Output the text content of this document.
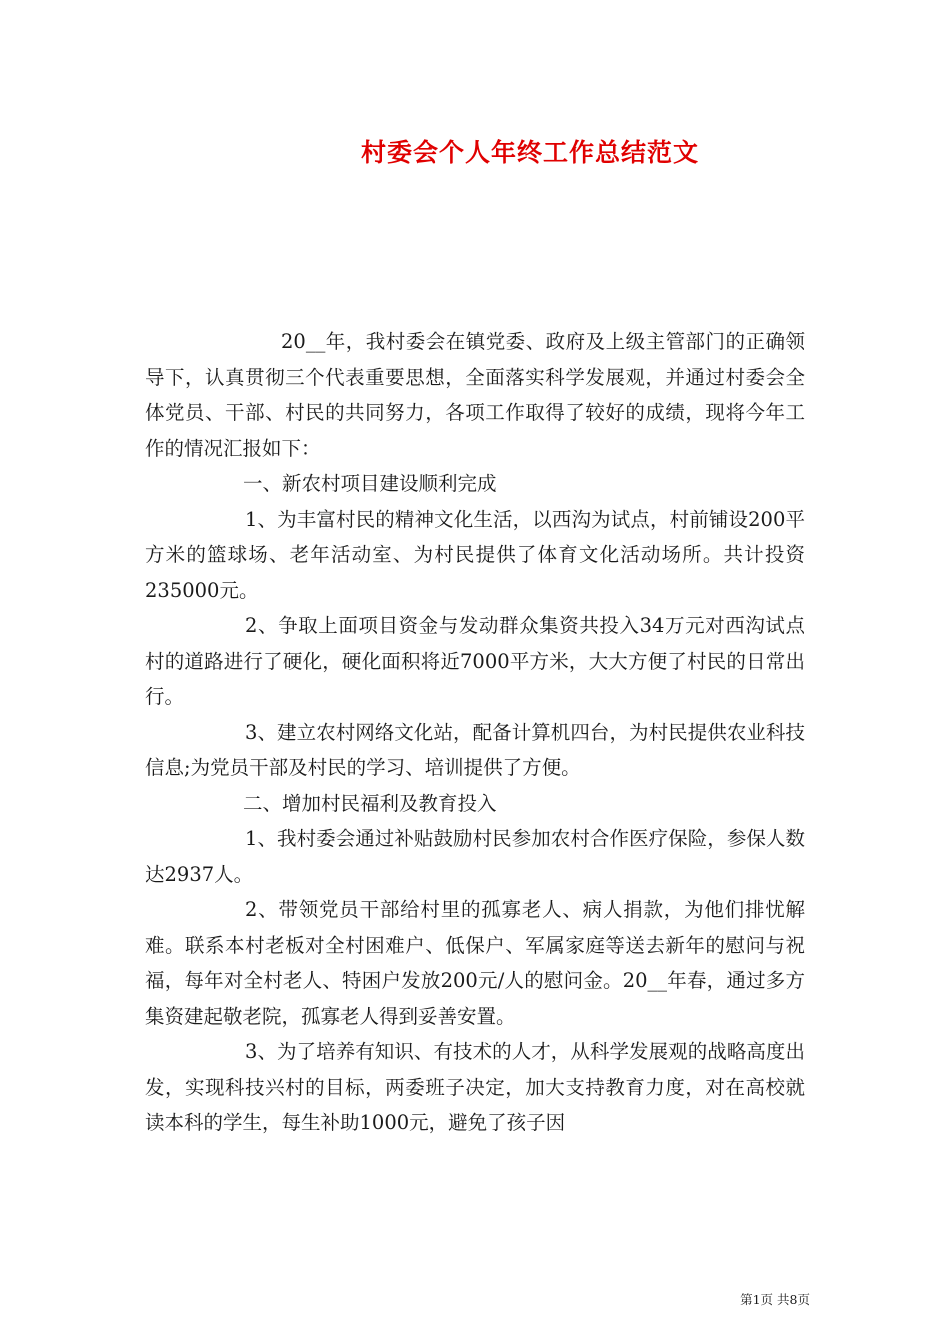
村委会个人年终工作总结范文

20__年，我村委会在镇党委、政府及上级主管部门的正确领导下，认真贯彻三个代表重要思想，全面落实科学发展观，并通过村委会全体党员、干部、村民的共同努力，各项工作取得了较好的成绩，现将今年工作的情况汇报如下：

一、新农村项目建设顺利完成

1、为丰富村民的精神文化生活，以西沟为试点，村前铺设200平方米的篮球场、老年活动室、为村民提供了体育文化活动场所。共计投资235000元。

2、争取上面项目资金与发动群众集资共投入34万元对西沟试点村的道路进行了硬化，硬化面积将近7000平方米，大大方便了村民的日常出行。

3、建立农村网络文化站，配备计算机四台，为村民提供农业科技信息;为党员干部及村民的学习、培训提供了方便。

二、增加村民福利及教育投入

1、我村委会通过补贴鼓励村民参加农村合作医疗保险，参保人数达2937人。

2、带领党员干部给村里的孤寡老人、病人捐款，为他们排忧解难。联系本村老板对全村困难户、低保户、军属家庭等送去新年的慰问与祝福，每年对全村老人、特困户发放200元/人的慰问金。20__年春，通过多方集资建起敬老院，孤寡老人得到妥善安置。

3、为了培养有知识、有技术的人才，从科学发展观的战略高度出发，实现科技兴村的目标，两委班子决定，加大支持教育力度，对在高校就读本科的学生，每生补助1000元，避免了孩子因

第1页 共8页
